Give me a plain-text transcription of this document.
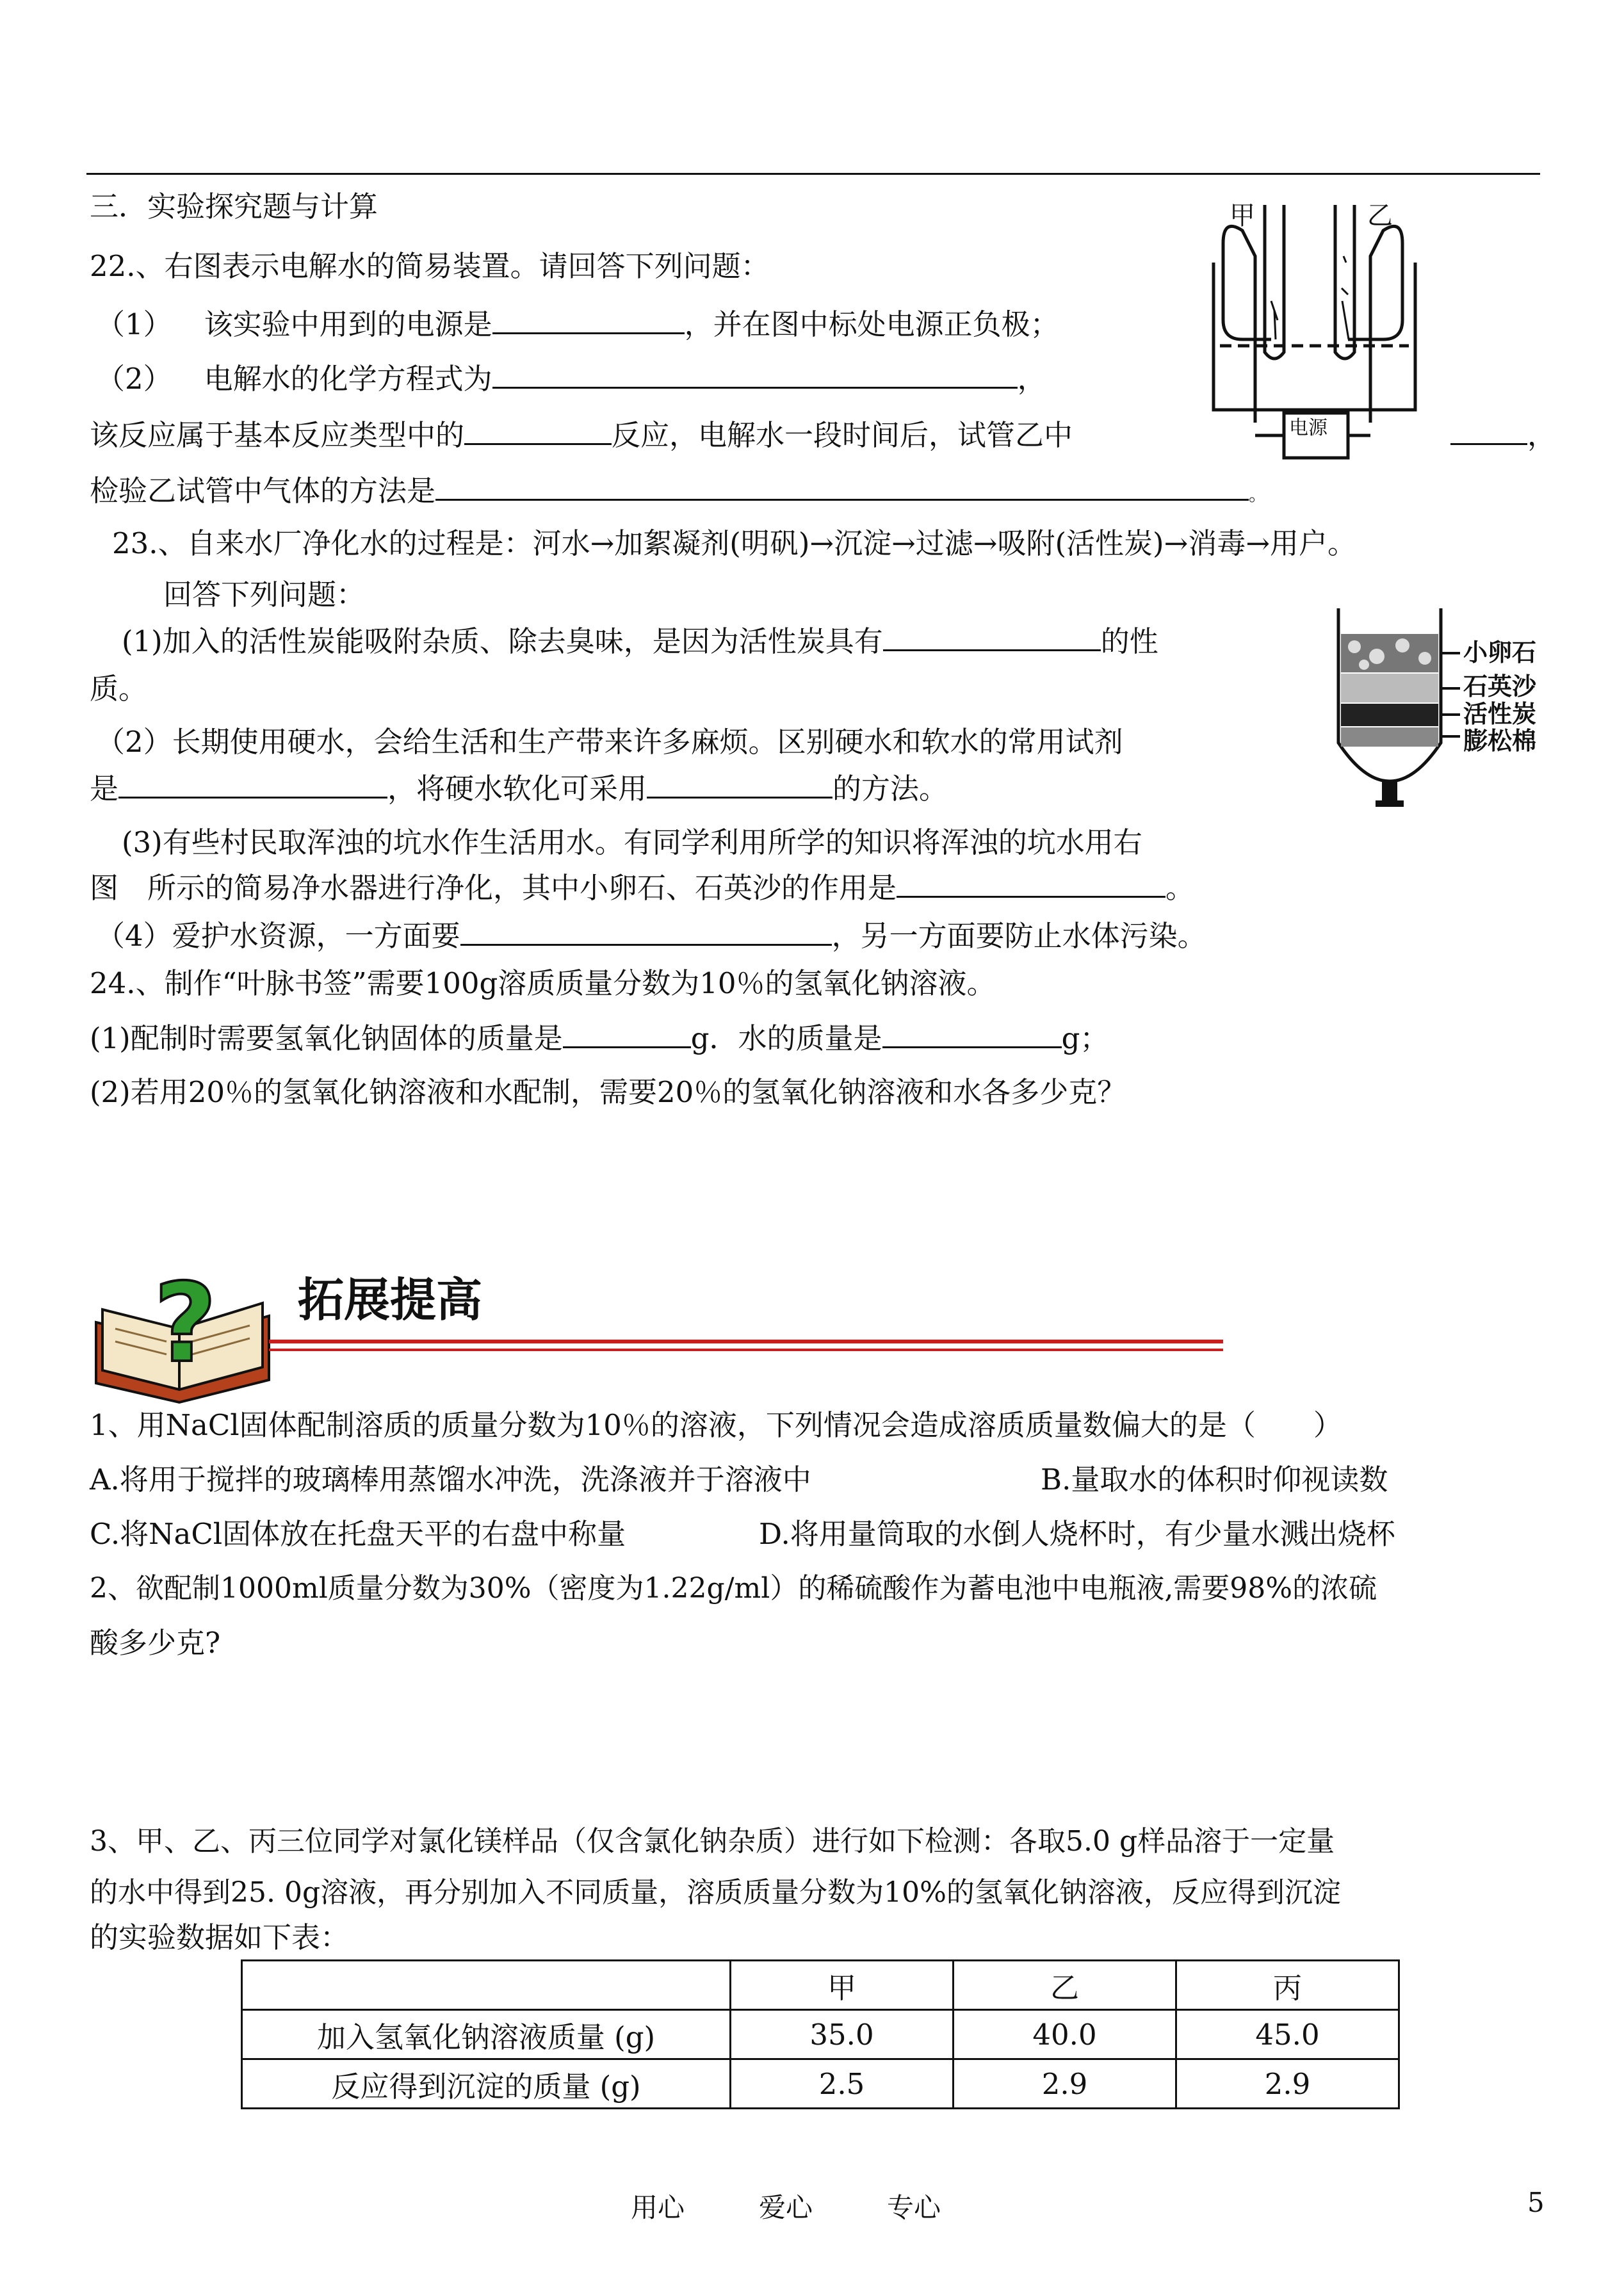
三．实验探究题与计算
22.、右图表示电解水的简易装置。请回答下列问题：
（1） 该实验中用到的电源是	，并在图中标处电源正负极；
（2） 电解水的化学方程式为	，
该反应属于基本反应类型中的	反应，电解水一段时间后，试管乙中	，
检验乙试管中气体的方法是	。
甲	乙
电源
23.、自来水厂净化水的过程是：河水→加絮凝剂(明矾)→沉淀→过滤→吸附(活性炭)→消毒→用户。
回答下列问题：
(1)加入的活性炭能吸附杂质、除去臭味，是因为活性炭具有	的性
质。
（2）长期使用硬水，会给生活和生产带来许多麻烦。区别硬水和软水的常用试剂
是	，将硬水软化可采用	的方法。
(3)有些村民取浑浊的坑水作生活用水。有同学利用所学的知识将浑浊的坑水用右
图　所示的简易净水器进行净化，其中小卵石、石英沙的作用是	。
（4）爱护水资源，一方面要	，另一方面要防止水体污染。
小卵石
石英沙
活性炭
膨松棉
24.、制作“叶脉书签”需要100g溶质质量分数为10％的氢氧化钠溶液。
(1)配制时需要氢氧化钠固体的质量是	g．水的质量是	g；
(2)若用20％的氢氧化钠溶液和水配制，需要20％的氢氧化钠溶液和水各多少克？
? 拓展提高
1、用NaCl固体配制溶质的质量分数为10％的溶液，下列情况会造成溶质质量数偏大的是（　　）
A.将用于搅拌的玻璃棒用蒸馏水冲洗，洗涤液并于溶液中	B.量取水的体积时仰视读数
C.将NaCl固体放在托盘天平的右盘中称量	D.将用量筒取的水倒人烧杯时，有少量水溅出烧杯
2、欲配制1000ml质量分数为30%（密度为1.22g/ml）的稀硫酸作为蓄电池中电瓶液,需要98%的浓硫
酸多少克?
3、甲、乙、丙三位同学对氯化镁样品（仅含氯化钠杂质）进行如下检测：各取5.0 g样品溶于一定量
的水中得到25. 0g溶液，再分别加入不同质量，溶质质量分数为10%的氢氧化钠溶液，反应得到沉淀
的实验数据如下表：
	甲	乙	丙
加入氢氧化钠溶液质量 (g)	35.0	40.0	45.0
反应得到沉淀的质量 (g)	2.5	2.9	2.9
用心	爱心	专心	5
